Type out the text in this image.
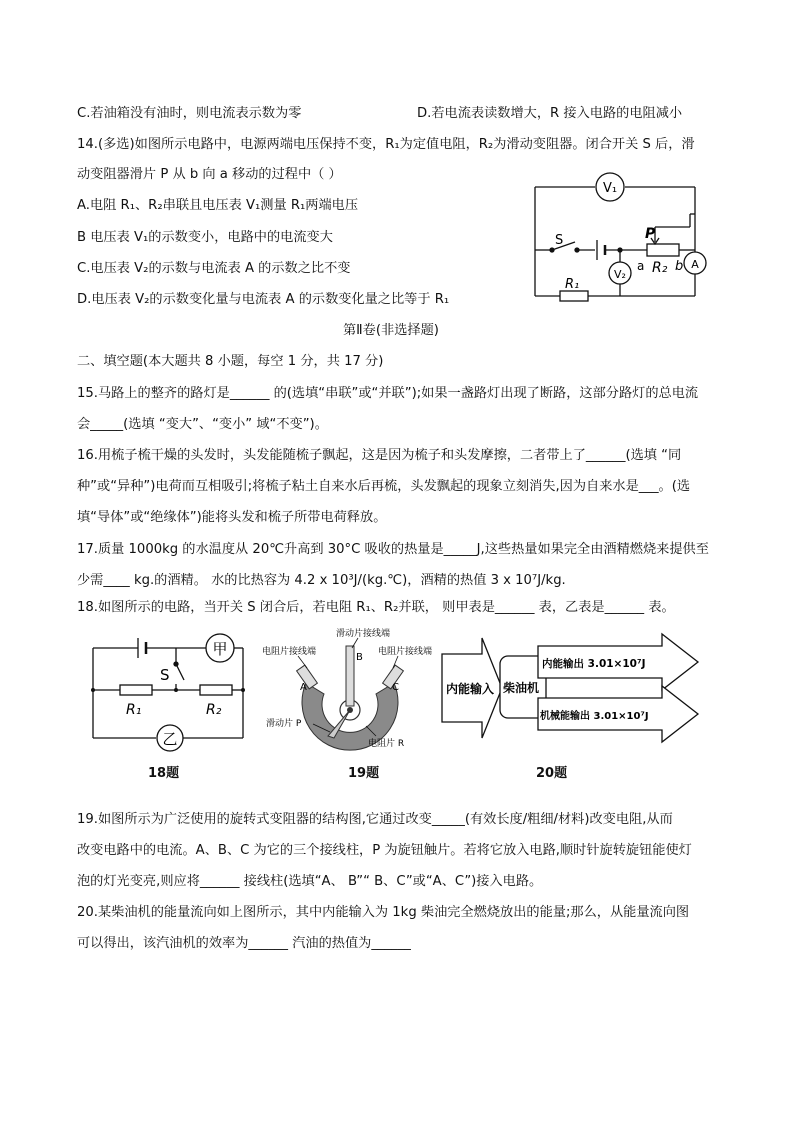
C.若油箱没有油时，则电流表示数为零	D.若电流表读数增大，R 接入电路的电阻减小
14.(多选)如图所示电路中，电源两端电压保持不变，R₁为定值电阻，R₂为滑动变阻器。闭合开关 S 后，滑
动变阻器滑片 P 从 b 向 a 移动的过程中（ ）
A.电阻 R₁、R₂串联且电压表 V₁测量 R₁两端电压
B 电压表 V₁的示数变小，电路中的电流变大
C.电压表 V₂的示数与电流表 A 的示数之比不变
D.电压表 V₂的示数变化量与电流表 A 的示数变化量之比等于 R₁
V₁
A
V₂
S
R₁
R₂
P
a b
第Ⅱ卷(非选择题)
二、填空题(本大题共 8 小题，每空 1 分，共 17 分)
15.马路上的整齐的路灯是______ 的(选填“串联”或“并联”);如果一盏路灯出现了断路，这部分路灯的总电流
会_____(选填 “变大”、“变小” 域“不变”)。
16.用梳子梳干燥的头发时，头发能随梳子飘起，这是因为梳子和头发摩擦，二者带上了______(选填 “同
种”或“异种”)电荷而互相吸引;将梳子粘土自来水后再梳，头发飘起的现象立刻消失,因为自来水是___。(选
填“导体”或“绝缘体”)能将头发和梳子所带电荷释放。
17.质量 1000kg 的水温度从 20℃升高到 30°C 吸收的热量是_____J,这些热量如果完全由酒精燃烧来提供至
少需____ kg.的酒精。 水的比热容为 4.2 x 10³J/(kg.℃)，酒精的热值 3 x 10⁷J/kg.
18.如图所示的电路，当开关 S 闭合后，若电阻 R₁、R₂并联， 则甲表是______ 表，乙表是______ 表。
甲
乙
S
R₁	R₂
18题
滑动片接线端
电阻片接线端	电阻片接线端
A
B
C
滑动片 P
电阻片 R
19题
内能输入 柴油机
内能输出 3.01×10⁷J
机械能输出 3.01×10⁷J
20题
19.如图所示为广泛使用的旋转式变阻器的结构图,它通过改变_____(有效长度/粗细/材料)改变电阻,从而
改变电路中的电流。A、B、C 为它的三个接线柱，P 为旋钮触片。若将它放入电路,顺时针旋转旋钮能使灯
泡的灯光变亮,则应将______ 接线柱(选填“A、 B”“ B、C”或“A、C”)接入电路。
20.某柴油机的能量流向如上图所示，其中内能输入为 1kg 柴油完全燃烧放出的能量;那么，从能量流向图
可以得出，该汽油机的效率为______ 汽油的热值为______
